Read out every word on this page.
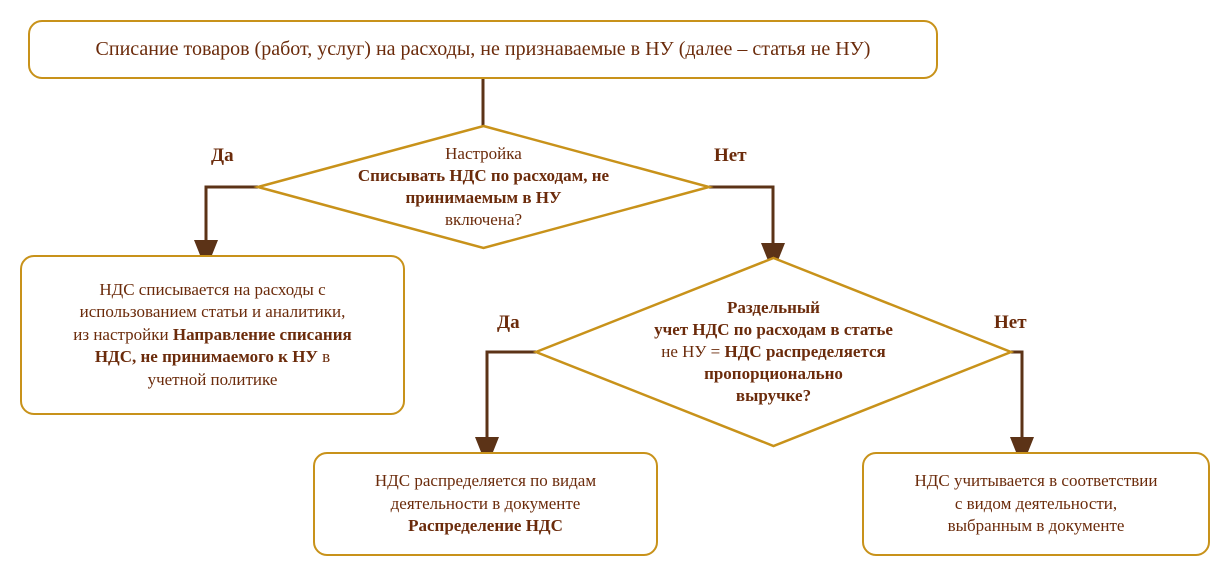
Списание товаров (работ, услуг) на расходы, не признаваемые в НУ (далее – статья не НУ)
Настройка
Списывать НДС по расходам, не
принимаемым в НУ
включена?
Да	Нет
НДС списывается на расходы с
использованием статьи и аналитики,
из настройки Направление списания
НДС, не принимаемого к НУ в
учетной политике
Раздельный
учет НДС по расходам в статье
не НУ = НДС распределяется
пропорционально
выручке?
Да	Нет
НДС распределяется по видам
деятельности в документе
Распределение НДС
НДС учитывается в соответствии
с видом деятельности,
выбранным в документе
